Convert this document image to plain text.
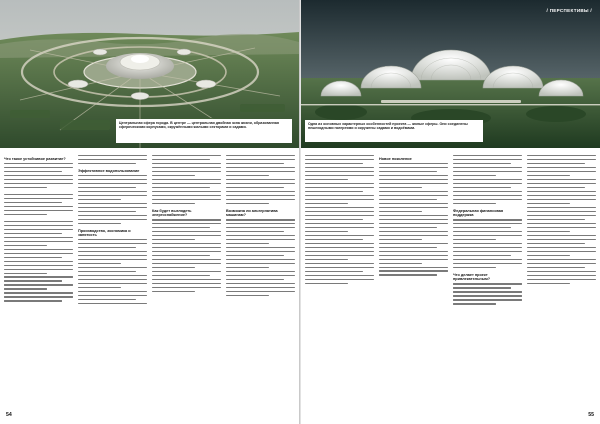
Центральная сфера города. В центре — центральная двойная зона жизни, образованная сферическими корпусами, окружёнными жилыми секторами и садами.
Что такое устойчивое развитие?
Эффективное водопользование
Производство, экономика и занятость
Как будет выглядеть энергоснабжение?
Возможна ли альтернатива машинам?
54
/ ПЕРСПЕКТИВЫ /
Одна из основных характерных особенностей проекта — жилые сферы. Они соединены пешеходными галереями и окружены садами и водоёмами.
Новое поколение
Федеральная финансовая поддержка
Что делает проект привлекательным?
55
